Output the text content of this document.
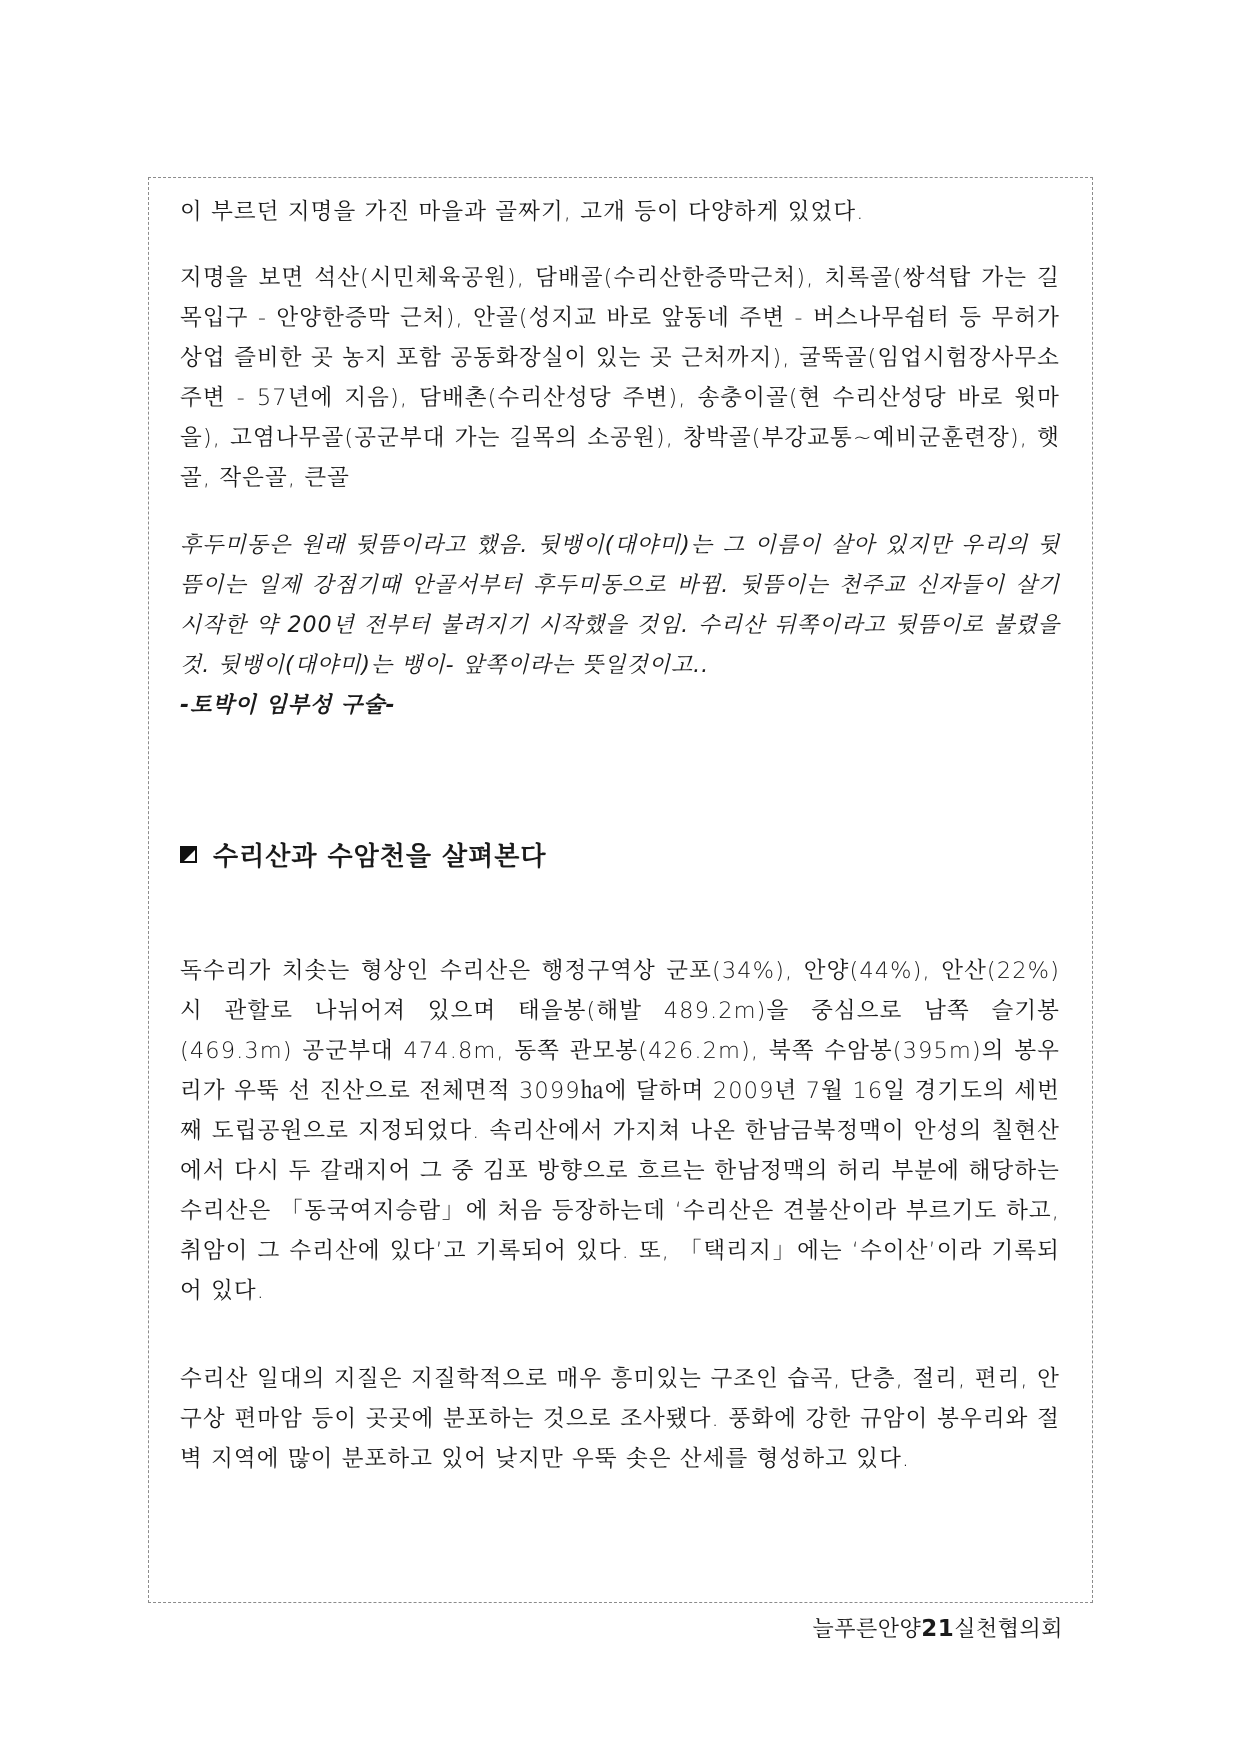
이 부르던 지명을 가진 마을과 골짜기, 고개 등이 다양하게 있었다.

지명을 보면 석산(시민체육공원), 담배골(수리산한증막근처), 치록골(쌍석탑 가는 길목입구 - 안양한증막 근처), 안골(성지교 바로 앞동네 주변 - 버스나무쉼터 등 무허가상업 즐비한 곳 농지 포함 공동화장실이 있는 곳 근처까지), 굴뚝골(임업시험장사무소 주변 - 57년에 지음), 담배촌(수리산성당 주변), 송충이골(현 수리산성당 바로 윗마을), 고염나무골(공군부대 가는 길목의 소공원), 창박골(부강교통~예비군훈련장), 햇골, 작은골, 큰골

후두미동은 원래 뒷뜸이라고 했음. 뒷뱅이(대야미)는 그 이름이 살아 있지만 우리의 뒷뜸이는 일제 강점기때 안골서부터 후두미동으로 바뀜. 뒷뜸이는 천주교 신자들이 살기 시작한 약 200년 전부터 불려지기 시작했을 것임. 수리산 뒤쪽이라고 뒷뜸이로 불렸을 것. 뒷뱅이(대야미)는 뱅이- 앞쪽이라는 뜻일것이고..

-토박이 임부성 구술-

수리산과 수암천을 살펴본다

독수리가 치솟는 형상인 수리산은 행정구역상 군포(34%), 안양(44%), 안산(22%)시 관할로 나뉘어져 있으며 태을봉(해발 489.2m)을 중심으로 남쪽 슬기봉(469.3m) 공군부대 474.8m, 동쪽 관모봉(426.2m), 북쪽 수암봉(395m)의 봉우리가 우뚝 선 진산으로 전체면적 3099㏊에 달하며 2009년 7월 16일 경기도의 세번째 도립공원으로 지정되었다. 속리산에서 가지쳐 나온 한남금북정맥이 안성의 칠현산에서 다시 두 갈래지어 그 중 김포 방향으로 흐르는 한남정맥의 허리 부분에 해당하는 수리산은 「동국여지승람」에 처음 등장하는데 ‘수리산은 견불산이라 부르기도 하고, 취암이 그 수리산에 있다’고 기록되어 있다. 또, 「택리지」에는 ‘수이산’이라 기록되어 있다.

수리산 일대의 지질은 지질학적으로 매우 흥미있는 구조인 습곡, 단층, 절리, 편리, 안구상 편마암 등이 곳곳에 분포하는 것으로 조사됐다. 풍화에 강한 규암이 봉우리와 절벽 지역에 많이 분포하고 있어 낮지만 우뚝 솟은 산세를 형성하고 있다.

늘푸른안양21실천협의회
